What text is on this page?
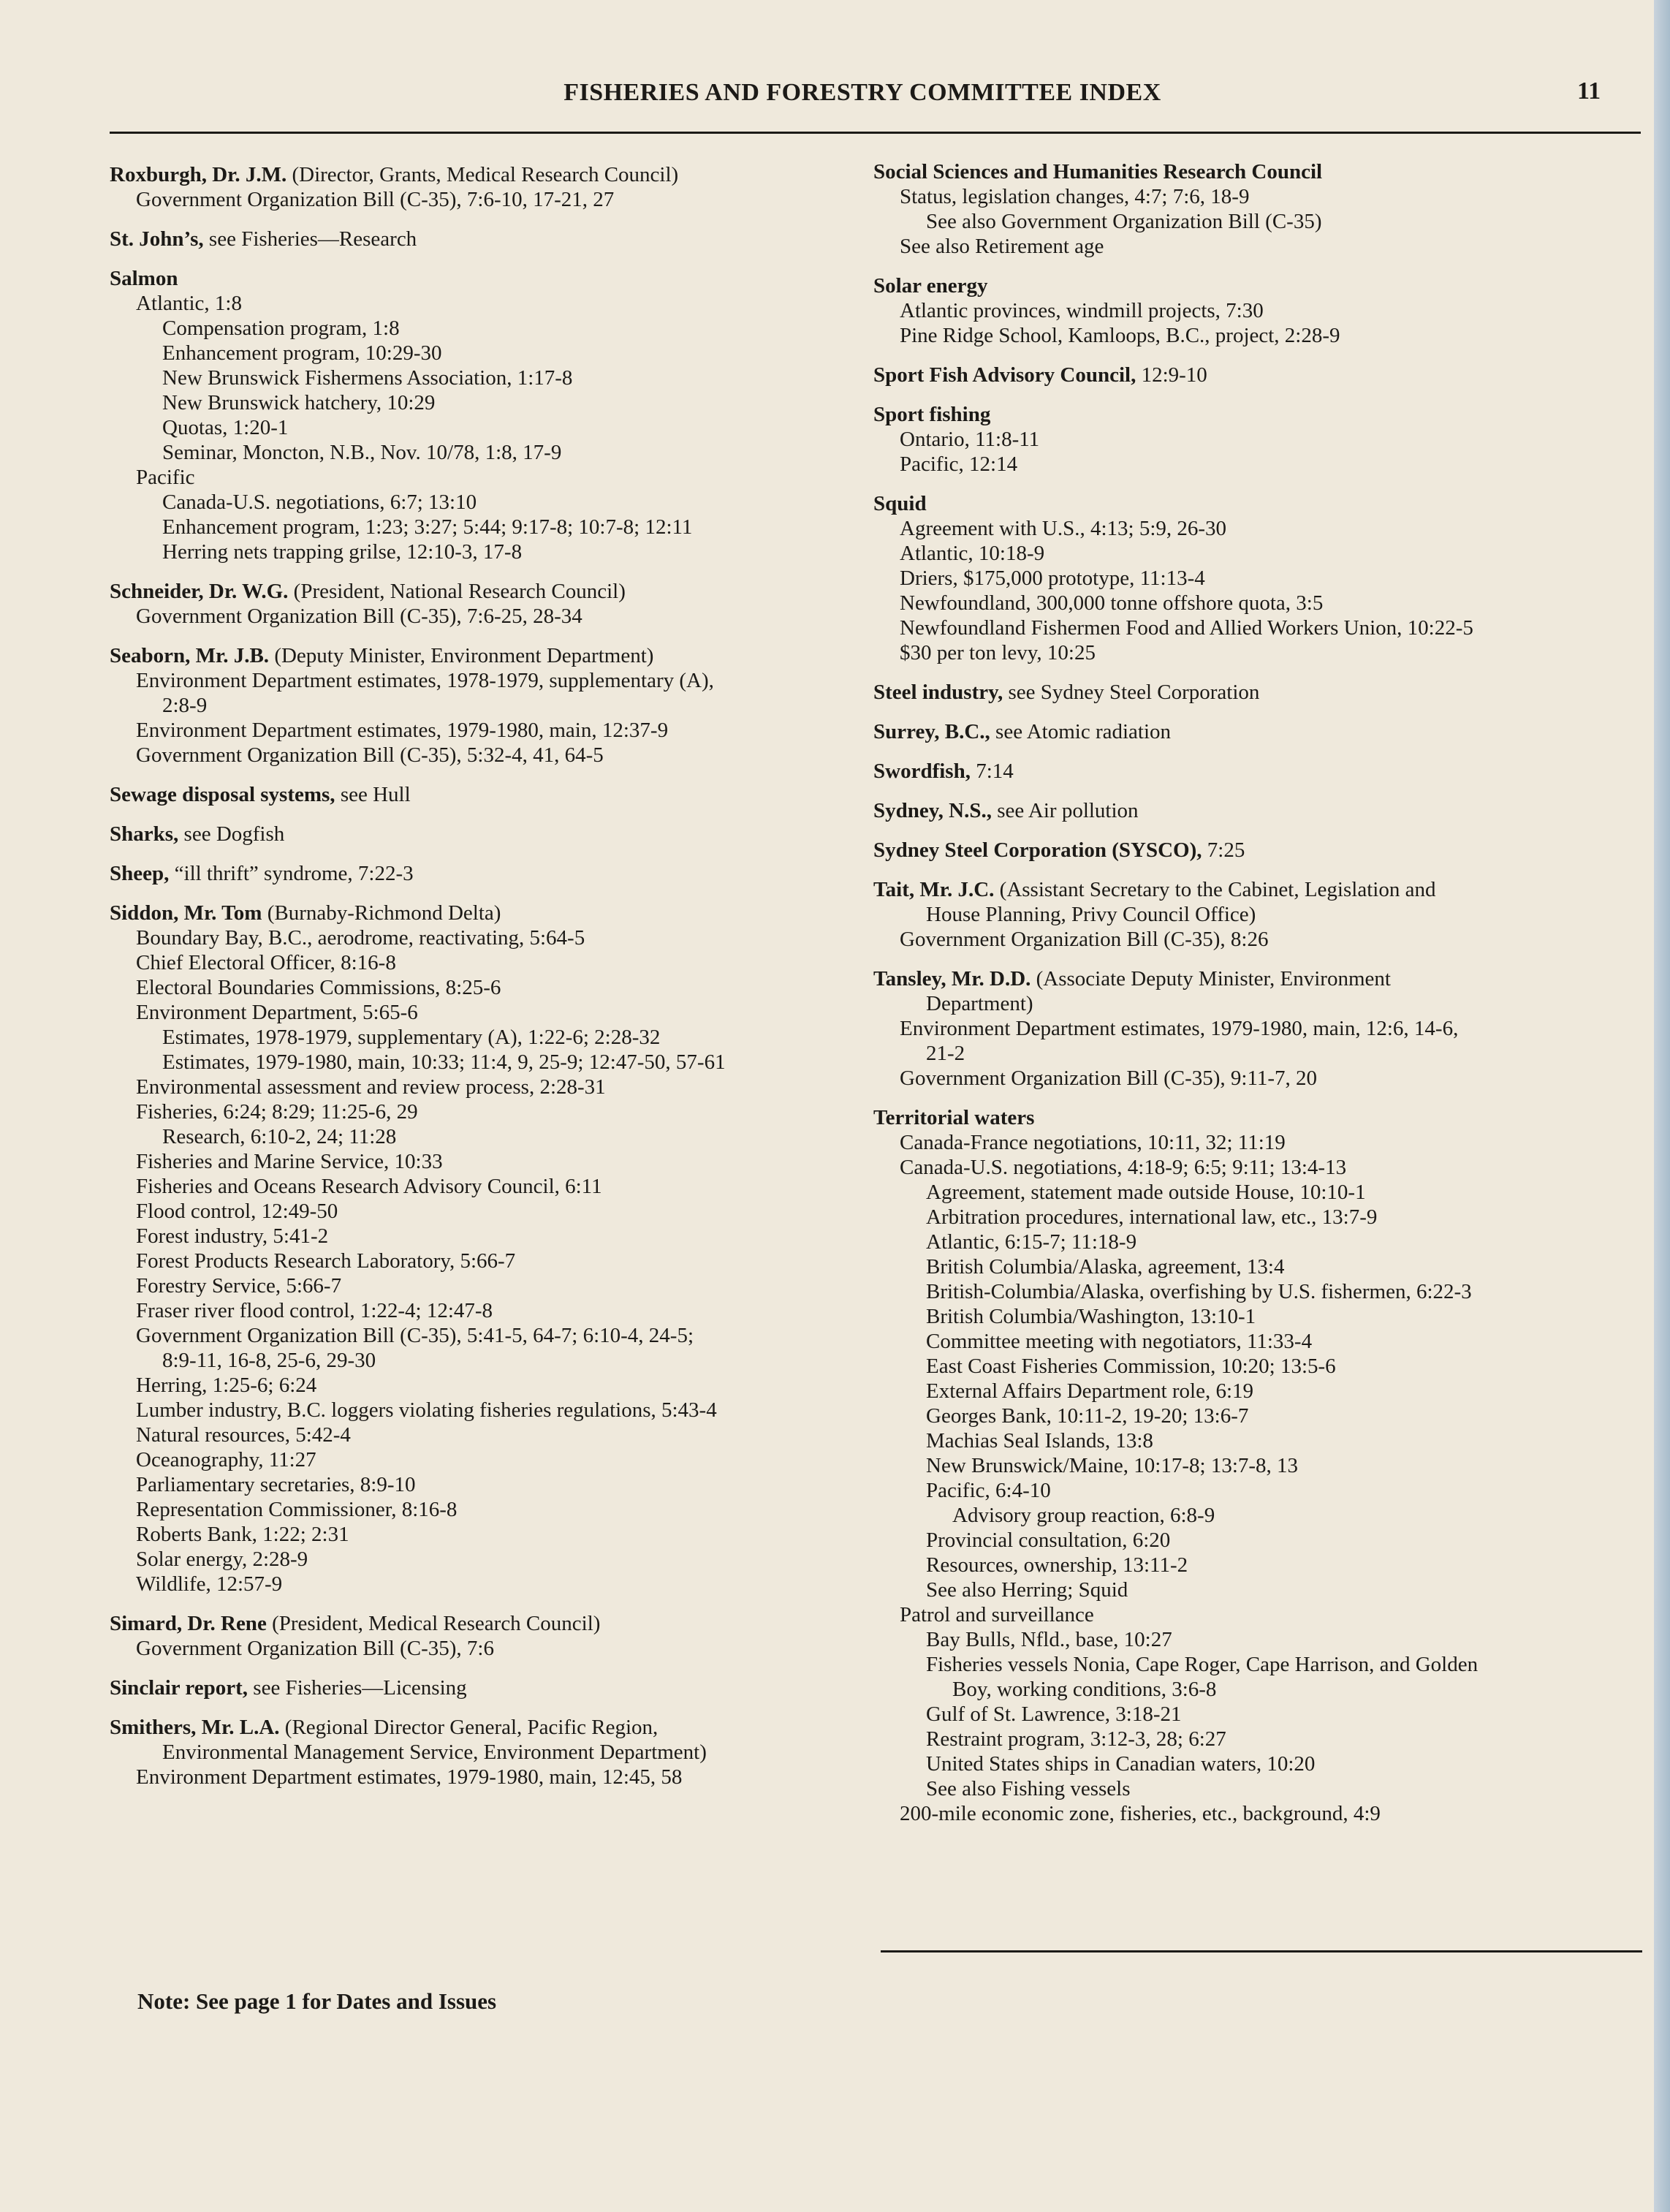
FISHERIES AND FORESTRY COMMITTEE INDEX	11
Roxburgh, Dr. J.M. (Director, Grants, Medical Research Council)
Government Organization Bill (C-35), 7:6-10, 17-21, 27
St. John’s, see Fisheries—Research
Salmon
Atlantic, 1:8
Compensation program, 1:8
Enhancement program, 10:29-30
New Brunswick Fishermens Association, 1:17-8
New Brunswick hatchery, 10:29
Quotas, 1:20-1
Seminar, Moncton, N.B., Nov. 10/78, 1:8, 17-9
Pacific
Canada-U.S. negotiations, 6:7; 13:10
Enhancement program, 1:23; 3:27; 5:44; 9:17-8; 10:7-8; 12:11
Herring nets trapping grilse, 12:10-3, 17-8
Schneider, Dr. W.G. (President, National Research Council)
Government Organization Bill (C-35), 7:6-25, 28-34
Seaborn, Mr. J.B. (Deputy Minister, Environment Department)
Environment Department estimates, 1978-1979, supplementary (A),
2:8-9
Environment Department estimates, 1979-1980, main, 12:37-9
Government Organization Bill (C-35), 5:32-4, 41, 64-5
Sewage disposal systems, see Hull
Sharks, see Dogfish
Sheep, “ill thrift” syndrome, 7:22-3
Siddon, Mr. Tom (Burnaby-Richmond Delta)
Boundary Bay, B.C., aerodrome, reactivating, 5:64-5
Chief Electoral Officer, 8:16-8
Electoral Boundaries Commissions, 8:25-6
Environment Department, 5:65-6
Estimates, 1978-1979, supplementary (A), 1:22-6; 2:28-32
Estimates, 1979-1980, main, 10:33; 11:4, 9, 25-9; 12:47-50, 57-61
Environmental assessment and review process, 2:28-31
Fisheries, 6:24; 8:29; 11:25-6, 29
Research, 6:10-2, 24; 11:28
Fisheries and Marine Service, 10:33
Fisheries and Oceans Research Advisory Council, 6:11
Flood control, 12:49-50
Forest industry, 5:41-2
Forest Products Research Laboratory, 5:66-7
Forestry Service, 5:66-7
Fraser river flood control, 1:22-4; 12:47-8
Government Organization Bill (C-35), 5:41-5, 64-7; 6:10-4, 24-5;
8:9-11, 16-8, 25-6, 29-30
Herring, 1:25-6; 6:24
Lumber industry, B.C. loggers violating fisheries regulations, 5:43-4
Natural resources, 5:42-4
Oceanography, 11:27
Parliamentary secretaries, 8:9-10
Representation Commissioner, 8:16-8
Roberts Bank, 1:22; 2:31
Solar energy, 2:28-9
Wildlife, 12:57-9
Simard, Dr. Rene (President, Medical Research Council)
Government Organization Bill (C-35), 7:6
Sinclair report, see Fisheries—Licensing
Smithers, Mr. L.A. (Regional Director General, Pacific Region,
Environmental Management Service, Environment Department)
Environment Department estimates, 1979-1980, main, 12:45, 58
Social Sciences and Humanities Research Council
Status, legislation changes, 4:7; 7:6, 18-9
See also Government Organization Bill (C-35)
See also Retirement age
Solar energy
Atlantic provinces, windmill projects, 7:30
Pine Ridge School, Kamloops, B.C., project, 2:28-9
Sport Fish Advisory Council, 12:9-10
Sport fishing
Ontario, 11:8-11
Pacific, 12:14
Squid
Agreement with U.S., 4:13; 5:9, 26-30
Atlantic, 10:18-9
Driers, $175,000 prototype, 11:13-4
Newfoundland, 300,000 tonne offshore quota, 3:5
Newfoundland Fishermen Food and Allied Workers Union, 10:22-5
$30 per ton levy, 10:25
Steel industry, see Sydney Steel Corporation
Surrey, B.C., see Atomic radiation
Swordfish, 7:14
Sydney, N.S., see Air pollution
Sydney Steel Corporation (SYSCO), 7:25
Tait, Mr. J.C. (Assistant Secretary to the Cabinet, Legislation and
House Planning, Privy Council Office)
Government Organization Bill (C-35), 8:26
Tansley, Mr. D.D. (Associate Deputy Minister, Environment
Department)
Environment Department estimates, 1979-1980, main, 12:6, 14-6,
21-2
Government Organization Bill (C-35), 9:11-7, 20
Territorial waters
Canada-France negotiations, 10:11, 32; 11:19
Canada-U.S. negotiations, 4:18-9; 6:5; 9:11; 13:4-13
Agreement, statement made outside House, 10:10-1
Arbitration procedures, international law, etc., 13:7-9
Atlantic, 6:15-7; 11:18-9
British Columbia/Alaska, agreement, 13:4
British-Columbia/Alaska, overfishing by U.S. fishermen, 6:22-3
British Columbia/Washington, 13:10-1
Committee meeting with negotiators, 11:33-4
East Coast Fisheries Commission, 10:20; 13:5-6
External Affairs Department role, 6:19
Georges Bank, 10:11-2, 19-20; 13:6-7
Machias Seal Islands, 13:8
New Brunswick/Maine, 10:17-8; 13:7-8, 13
Pacific, 6:4-10
Advisory group reaction, 6:8-9
Provincial consultation, 6:20
Resources, ownership, 13:11-2
See also Herring; Squid
Patrol and surveillance
Bay Bulls, Nfld., base, 10:27
Fisheries vessels Nonia, Cape Roger, Cape Harrison, and Golden
Boy, working conditions, 3:6-8
Gulf of St. Lawrence, 3:18-21
Restraint program, 3:12-3, 28; 6:27
United States ships in Canadian waters, 10:20
See also Fishing vessels
200-mile economic zone, fisheries, etc., background, 4:9
Note: See page 1 for Dates and Issues
